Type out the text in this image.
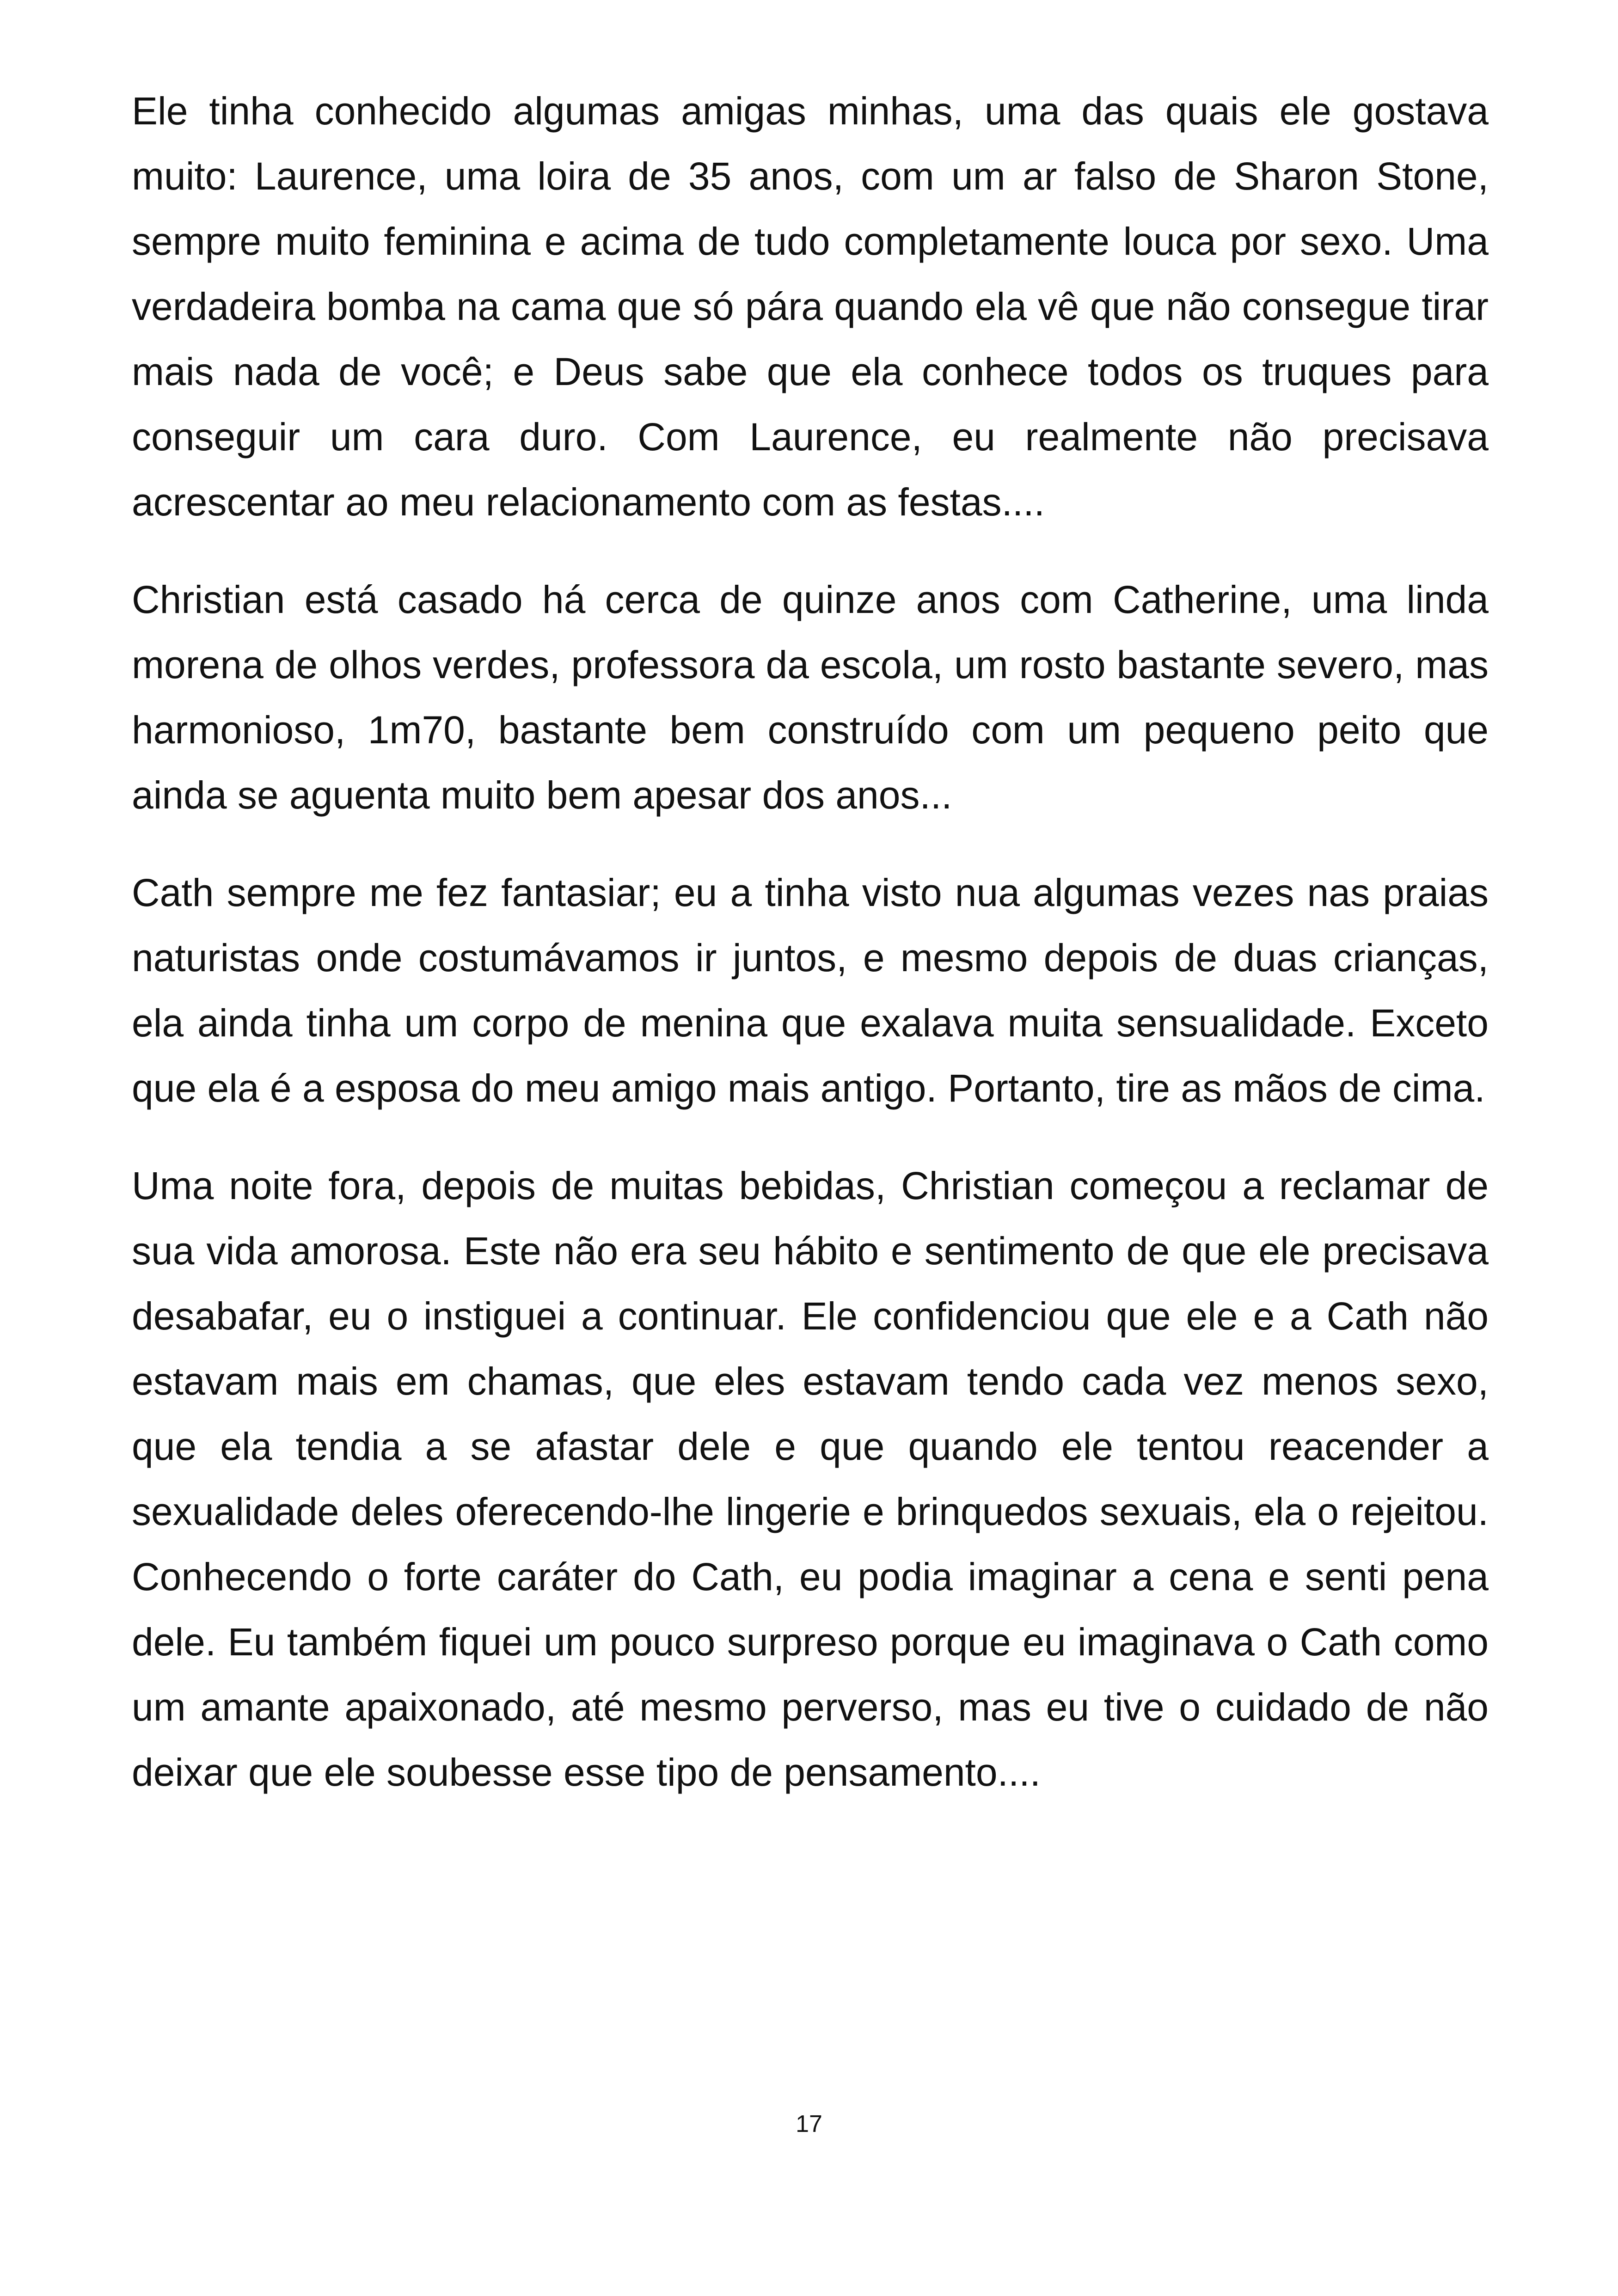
Ele tinha conhecido algumas amigas minhas, uma das quais ele gostava muito: Laurence, uma loira de 35 anos, com um ar falso de Sharon Stone, sempre muito feminina e acima de tudo completamente louca por sexo. Uma verdadeira bomba na cama que só pára quando ela vê que não consegue tirar mais nada de você; e Deus sabe que ela conhece todos os truques para conseguir um cara duro. Com Laurence, eu realmente não precisava acrescentar ao meu relacionamento com as festas....

Christian está casado há cerca de quinze anos com Catherine, uma linda morena de olhos verdes, professora da escola, um rosto bastante severo, mas harmonioso, 1m70, bastante bem construído com um pequeno peito que ainda se aguenta muito bem apesar dos anos...

Cath sempre me fez fantasiar; eu a tinha visto nua algumas vezes nas praias naturistas onde costumávamos ir juntos, e mesmo depois de duas crianças, ela ainda tinha um corpo de menina que exalava muita sensualidade. Exceto que ela é a esposa do meu amigo mais antigo. Portanto, tire as mãos de cima.

Uma noite fora, depois de muitas bebidas, Christian começou a reclamar de sua vida amorosa. Este não era seu hábito e sentimento de que ele precisava desabafar, eu o instiguei a continuar. Ele confidenciou que ele e a Cath não estavam mais em chamas, que eles estavam tendo cada vez menos sexo, que ela tendia a se afastar dele e que quando ele tentou reacender a sexualidade deles oferecendo-lhe lingerie e brinquedos sexuais, ela o rejeitou. Conhecendo o forte caráter do Cath, eu podia imaginar a cena e senti pena dele. Eu também fiquei um pouco surpreso porque eu imaginava o Cath como um amante apaixonado, até mesmo perverso, mas eu tive o cuidado de não deixar que ele soubesse esse tipo de pensamento....

17
